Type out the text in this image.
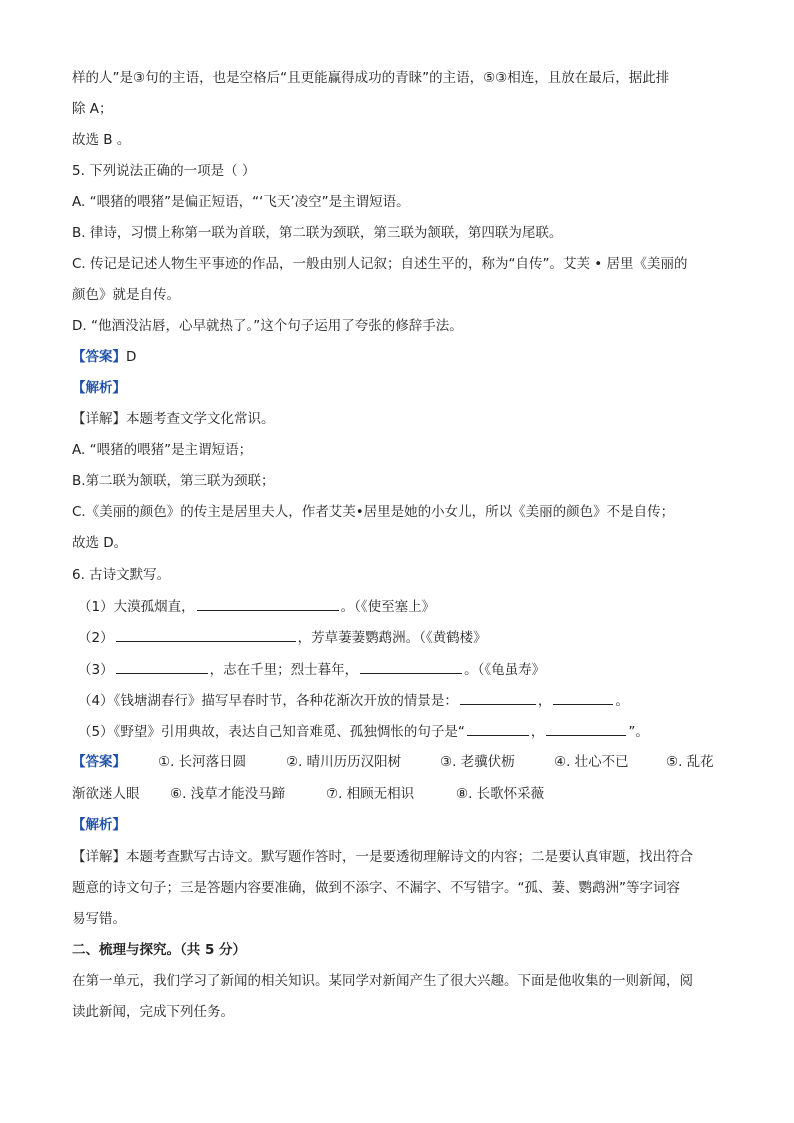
样的人”是③句的主语，也是空格后“且更能赢得成功的青睐”的主语，⑤③相连，且放在最后，据此排
除 A；
故选 B 。
5. 下列说法正确的一项是（ ）
A. “喂猪的喂猪”是偏正短语，“‘飞天’凌空”是主谓短语。
B. 律诗，习惯上称第一联为首联，第二联为颈联，第三联为颔联，第四联为尾联。
C. 传记是记述人物生平事迹的作品，一般由别人记叙；自述生平的，称为“自传”。艾芙 • 居里《美丽的
颜色》就是自传。
D. “他酒没沾唇，心早就热了。”这个句子运用了夸张的修辞手法。
【答案】D
【解析】
【详解】本题考查文学文化常识。
A. “喂猪的喂猪”是主谓短语；
B.第二联为颔联，第三联为颈联；
C.《美丽的颜色》的传主是居里夫人，作者艾芙•居里是她的小女儿，所以《美丽的颜色》不是自传；
故选 D。
6. 古诗文默写。
（1）大漠孤烟直，	。（《使至塞上》
（2）	，芳草萋萋鹦鹉洲。（《黄鹤楼》
（3）	，志在千里；烈士暮年，	。（《龟虽寿》
（4）《钱塘湖春行》描写早春时节，各种花渐次开放的情景是：	，	。
（5）《野望》引用典故，表达自己知音难觅、孤独惆怅的句子是“	，	”。
【答案】 ①. 长河落日圆	②. 晴川历历汉阳树	③. 老骥伏枥	④. 壮心不已	⑤. 乱花
渐欲迷人眼 ⑥. 浅草才能没马蹄	⑦. 相顾无相识	⑧. 长歌怀采薇
【解析】
【详解】本题考查默写古诗文。默写题作答时，一是要透彻理解诗文的内容；二是要认真审题，找出符合
题意的诗文句子；三是答题内容要准确，做到不添字、不漏字、不写错字。“孤、萋、鹦鹉洲”等字词容
易写错。
二、梳理与探究。（共 5 分）
在第一单元，我们学习了新闻的相关知识。某同学对新闻产生了很大兴趣。下面是他收集的一则新闻，阅
读此新闻，完成下列任务。
